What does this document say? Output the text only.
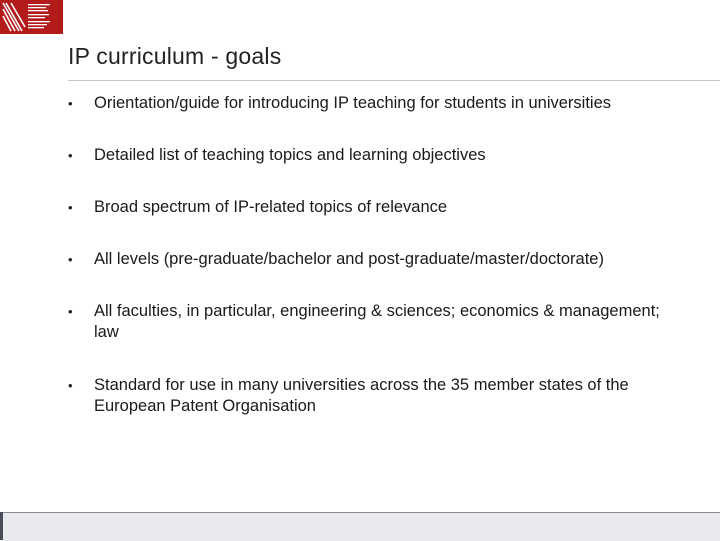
IP curriculum - goals
• Orientation/guide for introducing IP teaching for students in universities
• Detailed list of teaching topics and learning objectives
• Broad spectrum of IP-related topics of relevance
• All levels (pre-graduate/bachelor and post-graduate/master/doctorate)
• All faculties, in particular, engineering & sciences; economics & management; law
• Standard for use in many universities across the 35 member states of the European Patent Organisation
